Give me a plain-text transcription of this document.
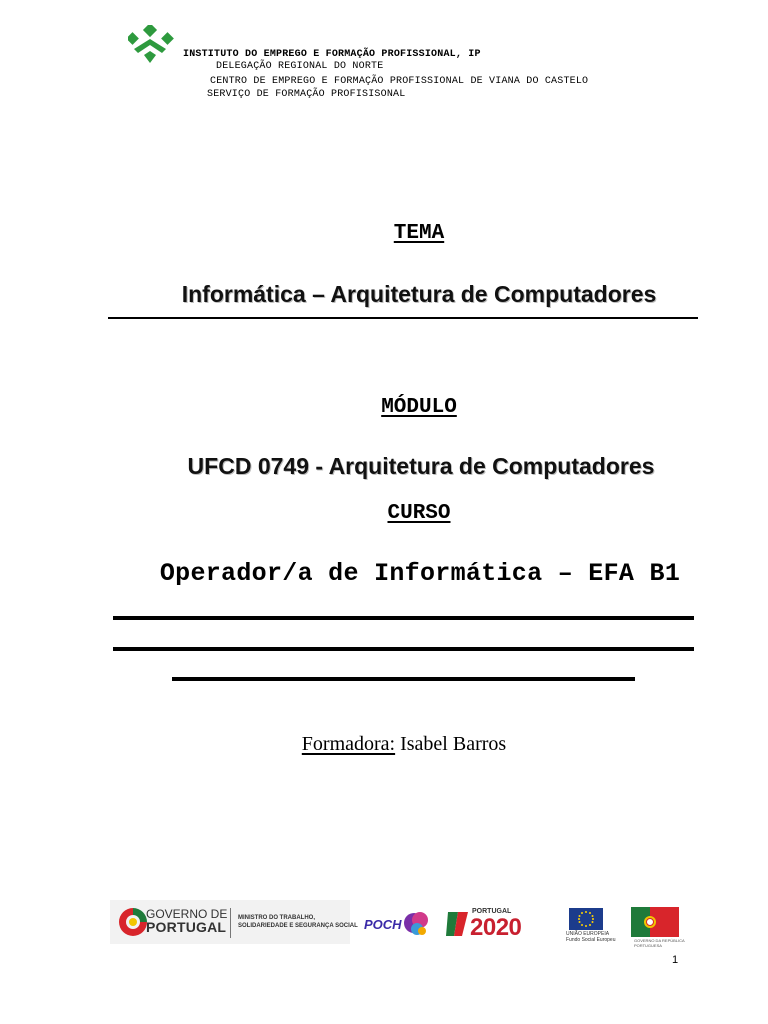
INSTITUTO DO EMPREGO E FORMAÇÃO PROFISSIONAL, IP
DELEGAÇÃO REGIONAL DO NORTE
CENTRO DE EMPREGO E FORMAÇÃO PROFISSIONAL DE VIANA DO CASTELO
SERVIÇO DE FORMAÇÃO PROFISISONAL
TEMA
Informática – Arquitetura de Computadores
MÓDULO
UFCD 0749 - Arquitetura de Computadores
CURSO
Operador/a de Informática – EFA B1
Formadora: Isabel Barros
GOVERNO DE
PORTUGAL
MINISTRO DO TRABALHO,
SOLIDARIEDADE E SEGURANÇA SOCIAL POCH
PORTUGAL
2020	UNIÃO EUROPEIA
Fundo Social Europeu	GOVERNO DA REPÚBLICA
PORTUGUESA
1
